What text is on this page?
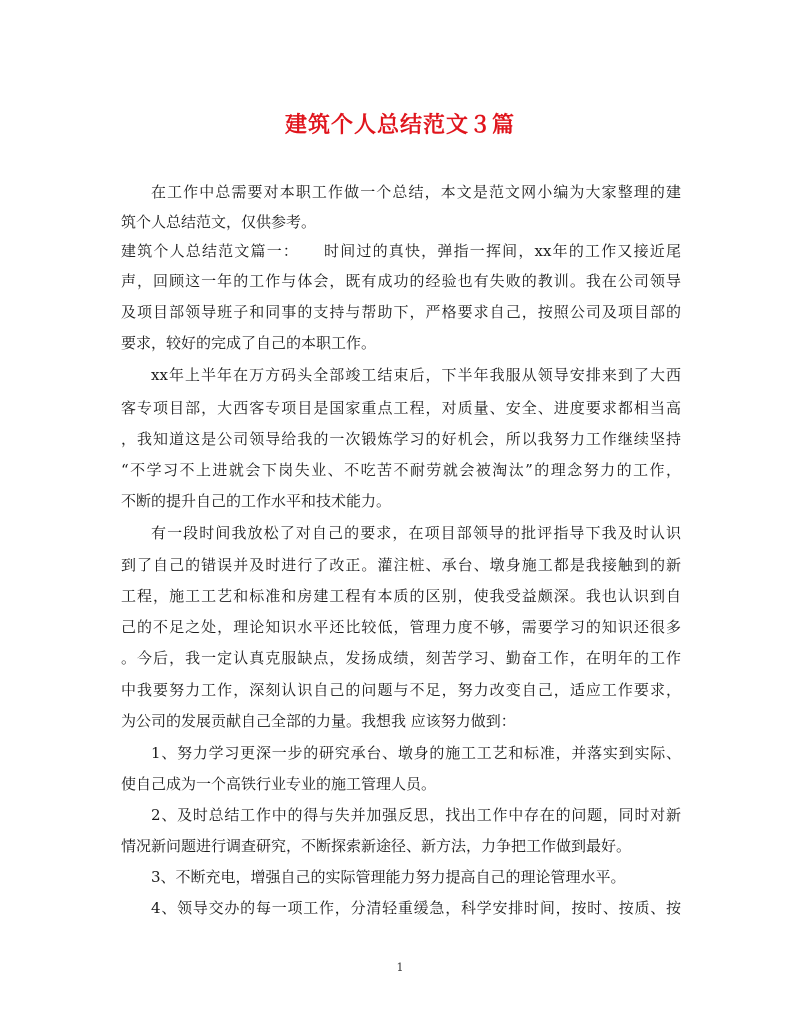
建筑个人总结范文３篇
在工作中总需要对本职工作做一个总结，本文是范文网小编为大家整理的建
筑个人总结范文，仅供参考。
建筑个人总结范文篇一：　　时间过的真快，弹指一挥间，xx年的工作又接近尾
声，回顾这一年的工作与体会，既有成功的经验也有失败的教训。我在公司领导
及项目部领导班子和同事的支持与帮助下，严格要求自己，按照公司及项目部的
要求，较好的完成了自己的本职工作。
xx年上半年在万方码头全部竣工结束后，下半年我服从领导安排来到了大西
客专项目部，大西客专项目是国家重点工程，对质量、安全、进度要求都相当高
，我知道这是公司领导给我的一次锻炼学习的好机会，所以我努力工作继续坚持
“不学习不上进就会下岗失业、不吃苦不耐劳就会被淘汰”的理念努力的工作，
不断的提升自己的工作水平和技术能力。
有一段时间我放松了对自己的要求，在项目部领导的批评指导下我及时认识
到了自己的错误并及时进行了改正。灌注桩、承台、墩身施工都是我接触到的新
工程，施工工艺和标准和房建工程有本质的区别，使我受益颇深。我也认识到自
己的不足之处，理论知识水平还比较低，管理力度不够，需要学习的知识还很多
。今后，我一定认真克服缺点，发扬成绩，刻苦学习、勤奋工作，在明年的工作
中我要努力工作，深刻认识自己的问题与不足，努力改变自己，适应工作要求，
为公司的发展贡献自己全部的力量。我想我 应该努力做到：
1、努力学习更深一步的研究承台、墩身的施工工艺和标准，并落实到实际、
使自己成为一个高铁行业专业的施工管理人员。
2、及时总结工作中的得与失并加强反思，找出工作中存在的问题，同时对新
情况新问题进行调查研究，不断探索新途径、新方法，力争把工作做到最好。
3、不断充电，增强自己的实际管理能力努力提高自己的理论管理水平。
4、领导交办的每一项工作，分清轻重缓急，科学安排时间，按时、按质、按
1
